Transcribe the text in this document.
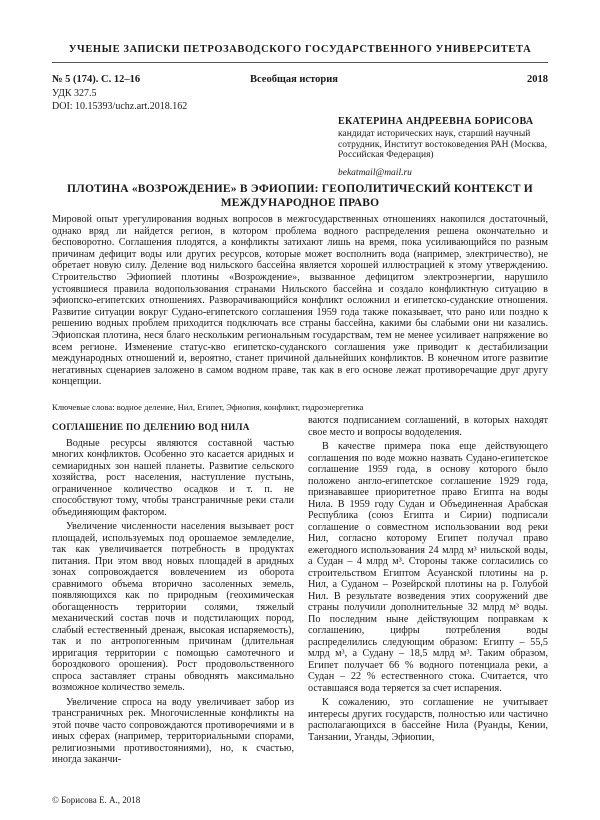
УЧЕНЫЕ ЗАПИСКИ ПЕТРОЗАВОДСКОГО ГОСУДАРСТВЕННОГО УНИВЕРСИТЕТА
№ 5 (174). С. 12–16	Всеобщая история	2018
УДК 327.5
DOI: 10.15393/uchz.art.2018.162
ЕКАТЕРИНА АНДРЕЕВНА БОРИСОВА
кандидат исторических наук, старший научный сотрудник, Институт востоковедения РАН (Москва, Российская Федерация)
bekatmail@mail.ru
ПЛОТИНА «ВОЗРОЖДЕНИЕ» В ЭФИОПИИ: ГЕОПОЛИТИЧЕСКИЙ КОНТЕКСТ И МЕЖДУНАРОДНОЕ ПРАВО
Мировой опыт урегулирования водных вопросов в межгосударственных отношениях накопился достаточный, однако вряд ли найдется регион, в котором проблема водного распределения решена окончательно и бесповоротно. Соглашения плодятся, а конфликты затихают лишь на время, пока усиливающийся по разным причинам дефицит воды или других ресурсов, которые может восполнить вода (например, электричество), не обретает новую силу. Деление вод нильского бассейна является хорошей иллюстрацией к этому утверждению. Строительство Эфиопией плотины «Возрождение», вызванное дефицитом электроэнергии, нарушило устоявшиеся правила водопользования странами Нильского бассейна и создало конфликтную ситуацию в эфиопско-египетских отношениях. Разворачивающийся конфликт осложнил и египетско-суданские отношения. Развитие ситуации вокруг Судано-египетского соглашения 1959 года также показывает, что рано или поздно к решению водных проблем приходится подключать все страны бассейна, какими бы слабыми они ни казались. Эфиопская плотина, неся благо нескольким региональным государствам, тем не менее усиливает напряжение во всем регионе. Изменение статус-кво египетско-суданского соглашения уже приводит к дестабилизации международных отношений и, вероятно, станет причиной дальнейших конфликтов. В конечном итоге развитие негативных сценариев заложено в самом водном праве, так как в его основе лежат противоречащие друг другу концепции.
Ключевые слова: водное деление, Нил, Египет, Эфиопия, конфликт, гидроэнергетика
СОГЛАШЕНИЕ ПО ДЕЛЕНИЮ ВОД НИЛА

Водные ресурсы являются составной частью многих конфликтов. Особенно это касается аридных и семиаридных зон нашей планеты. Развитие сельского хозяйства, рост населения, наступление пустынь, ограниченное количество осадков и т. п. не способствуют тому, чтобы трансграничные реки стали объединяющим фактором.

Увеличение численности населения вызывает рост площадей, используемых под орошаемое земледелие, так как увеличивается потребность в продуктах питания. При этом ввод новых площадей в аридных зонах сопровождается вовлечением из оборота сравнимого объема вторично засоленных земель, появляющихся как по природным (геохимическая обогащенность территории солями, тяжелый механический состав почв и подстилающих пород, слабый естественный дренаж, высокая испаряемость), так и по антропогенным причинам (длительная ирригация территории с помощью самотечного и бороздкового орошения). Рост продовольственного спроса заставляет страны обводнять максимально возможное количество земель.

Увеличение спроса на воду увеличивает забор из трансграничных рек. Многочисленные конфликты на этой почве часто сопровождаются противоречиями и в иных сферах (например, территориальными спорами, религиозными противостояниями), но, к счастью, иногда заканчи-

ваются подписанием соглашений, в которых находят свое место и вопросы вододеления.

В качестве примера пока еще действующего соглашения по воде можно назвать Судано-египетское соглашение 1959 года, в основу которого было положено англо-египетское соглашение 1929 года, признававшее приоритетное право Египта на воды Нила. В 1959 году Судан и Объединенная Арабская Республика (союз Египта и Сирии) подписали соглашение о совместном использовании вод реки Нил, согласно которому Египет получал право ежегодного использования 24 млрд м³ нильской воды, а Судан – 4 млрд м³. Стороны также согласились со строительством Египтом Асуанской плотины на р. Нил, а Суданом – Розейрской плотины на р. Голубой Нил. В результате возведения этих сооружений две страны получили дополнительные 32 млрд м³ воды. По последним ныне действующим поправкам к соглашению, цифры потребления воды распределились следующим образом: Египту – 55,5 млрд м³, а Судану – 18,5 млрд м³. Таким образом, Египет получает 66 % водного потенциала реки, а Судан – 22 % естественного стока. Считается, что оставшаяся вода теряется за счет испарения.

К сожалению, это соглашение не учитывает интересы других государств, полностью или частично располагающихся в бассейне Нила (Руанды, Кении, Танзании, Уганды, Эфиопии,

© Борисова Е. А., 2018
